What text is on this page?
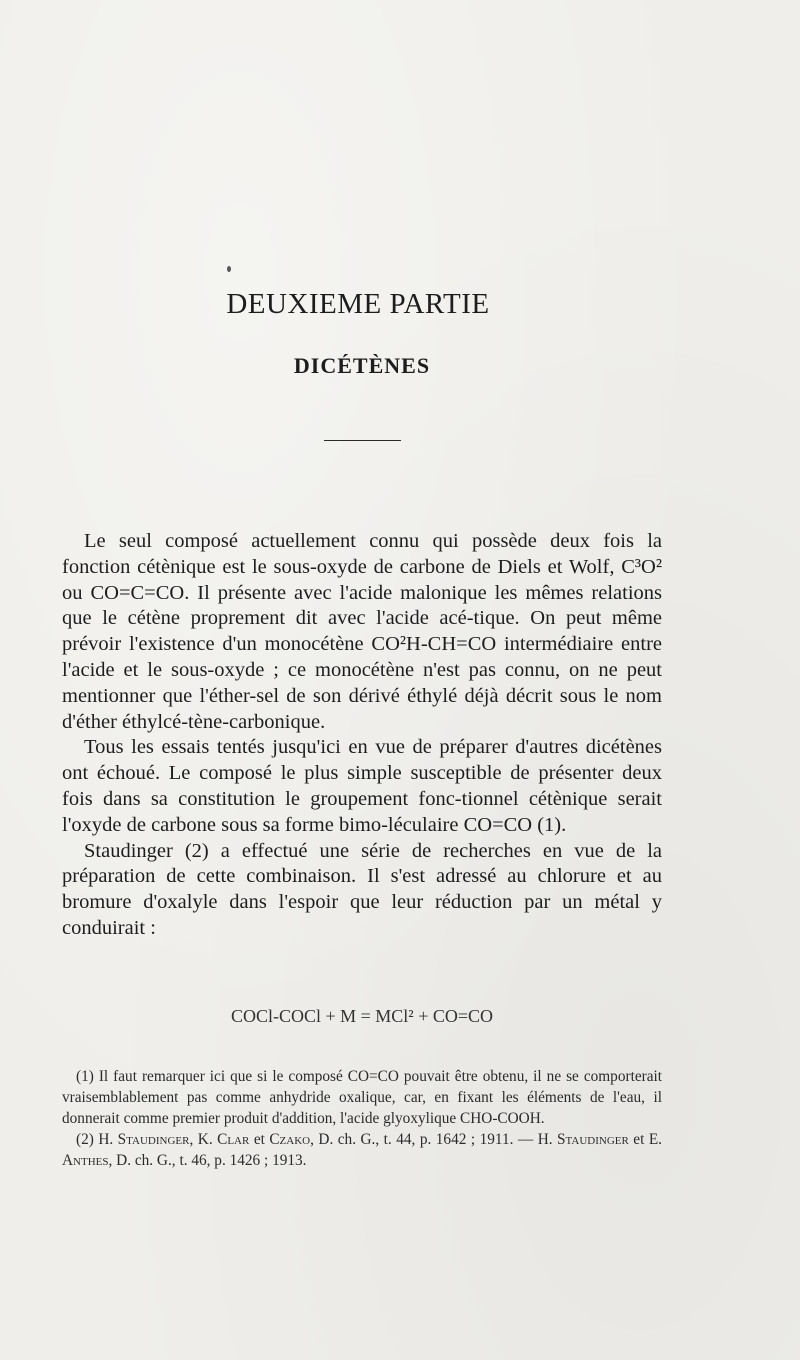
DEUXIEME PARTIE
DICÉTÈNES

Le seul composé actuellement connu qui possède deux fois la fonction cétènique est le sous-oxyde de carbone de Diels et Wolf, C³O² ou CO=C=CO. Il présente avec l'acide malonique les mêmes relations que le cétène proprement dit avec l'acide acé-tique. On peut même prévoir l'existence d'un monocétène CO²H-CH=CO intermédiaire entre l'acide et le sous-oxyde ; ce monocétène n'est pas connu, on ne peut mentionner que l'éther-sel de son dérivé éthylé déjà décrit sous le nom d'éther éthylcé-tène-carbonique.

Tous les essais tentés jusqu'ici en vue de préparer d'autres dicétènes ont échoué. Le composé le plus simple susceptible de présenter deux fois dans sa constitution le groupement fonc-tionnel cétènique serait l'oxyde de carbone sous sa forme bimo-léculaire CO=CO (1).

Staudinger (2) a effectué une série de recherches en vue de la préparation de cette combinaison. Il s'est adressé au chlorure et au bromure d'oxalyle dans l'espoir que leur réduction par un métal y conduirait :

COCl-COCl + M = MCl² + CO=CO

(1) Il faut remarquer ici que si le composé CO=CO pouvait être obtenu, il ne se comporterait vraisemblablement pas comme anhydride oxalique, car, en fixant les éléments de l'eau, il donnerait comme premier produit d'addition, l'acide glyoxylique CHO-COOH.

(2) H. Staudinger, K. Clar et Czako, D. ch. G., t. 44, p. 1642 ; 1911. — H. Staudinger et E. Anthes, D. ch. G., t. 46, p. 1426 ; 1913.
